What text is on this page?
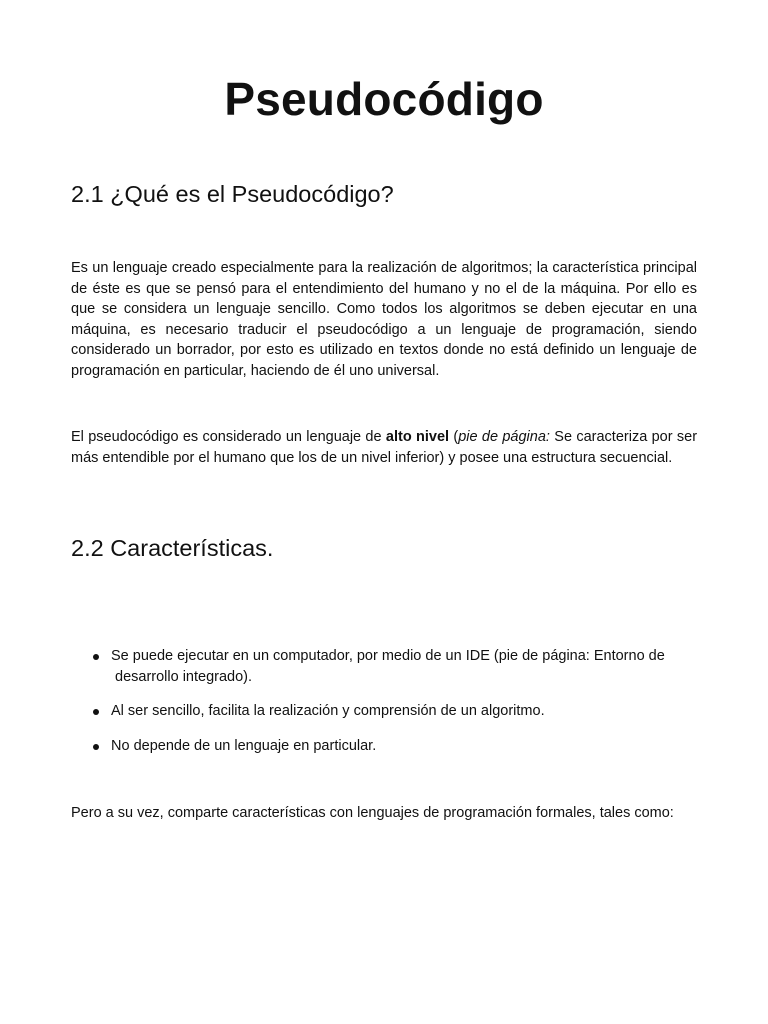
Pseudocódigo
2.1 ¿Qué es el Pseudocódigo?

Es un lenguaje creado especialmente para la realización de algoritmos; la característica principal de éste es que se pensó para el entendimiento del humano y no el de la máquina. Por ello es que se considera un lenguaje sencillo. Como todos los algoritmos se deben ejecutar en una máquina, es necesario traducir el pseudocódigo a un lenguaje de programación, siendo considerado un borrador, por esto es utilizado en textos donde no está definido un lenguaje de programación en particular, haciendo de él uno universal.

El pseudocódigo es considerado un lenguaje de alto nivel (pie de página: Se caracteriza por ser más entendible por el humano que los de un nivel inferior) y posee una estructura secuencial.

2.2 Características.
Se puede ejecutar en un computador, por medio de un IDE (pie de página: Entorno de
desarrollo integrado).
Al ser sencillo, facilita la realización y comprensión de un algoritmo.
No depende de un lenguaje en particular.

Pero a su vez, comparte características con lenguajes de programación formales, tales como:
